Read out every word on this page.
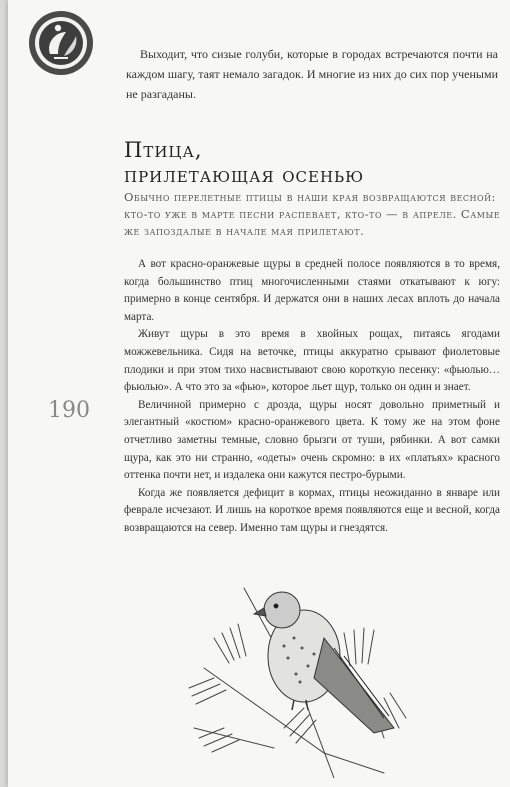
Выходит, что сизые голуби, которые в городах встречаются почти на каждом шагу, таят немало загадок. И многие из них до сих пор учеными не разгаданы.

Птица,
прилетающая осенью
Обычно перелетные птицы в наши края возвращаются весной: кто-то уже в марте песни распевает, кто-то — в апреле. Самые же запоздалые в начале мая прилетают.

А вот красно-оранжевые щуры в средней полосе появляются в то время, когда большинство птиц многочисленными стаями откатывают к югу: примерно в конце сентября. И держатся они в наших лесах вплоть до начала марта.

Живут щуры в это время в хвойных рощах, питаясь ягодами можжевельника. Сидя на веточке, птицы аккуратно срывают фиолетовые плодики и при этом тихо насвистывают свою короткую песенку: «фьюлью… фьюлью». А что это за «фью», которое льет щур, только он один и знает.

Величиной примерно с дрозда, щуры носят довольно приметный и элегантный «костюм» красно-оранжевого цвета. К тому же на этом фоне отчетливо заметны темные, словно брызги от туши, рябинки. А вот самки щура, как это ни странно, «одеты» очень скромно: в их «платьях» красного оттенка почти нет, и издалека они кажутся пестро-бурыми.

Когда же появляется дефицит в кормах, птицы неожиданно в январе или феврале исчезают. И лишь на короткое время появляются еще и весной, когда возвращаются на север. Именно там щуры и гнездятся.

190
